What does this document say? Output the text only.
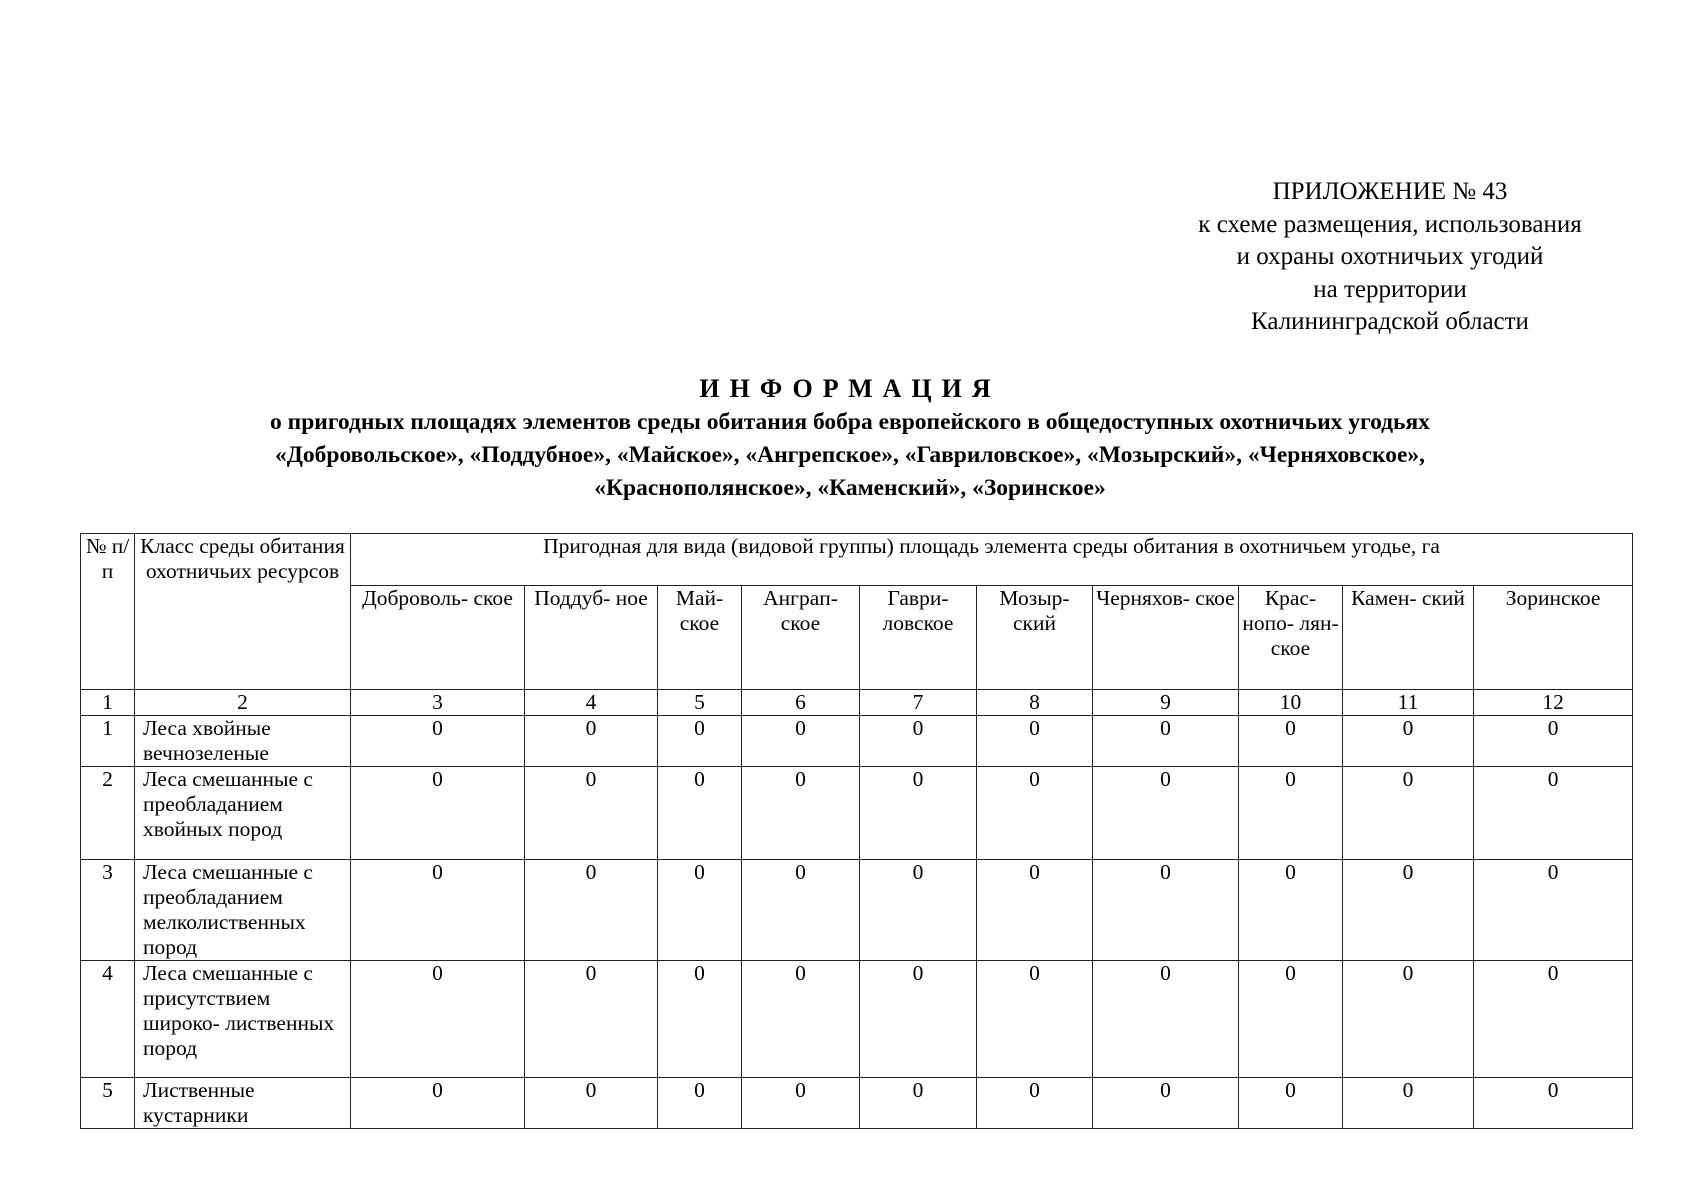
ПРИЛОЖЕНИЕ № 43
к схеме размещения, использования
и охраны охотничьих угодий
на территории
Калининградской области
ИНФОРМАЦИЯ
о пригодных площадях элементов среды обитания бобра европейского в общедоступных охотничьих угодьях
«Добровольское», «Поддубное», «Майское», «Ангрепское», «Гавриловское», «Мозырский», «Черняховское»,
«Краснополянское», «Каменский», «Зоринское»
№ п/п	Класс среды обитания охотничьих ресурсов	Пригодная для вида (видовой группы) площадь элемента среды обитания в охотничьем угодье, га									
		Доброволь- ское	Поддуб- ное	Май- ское	Ангрaп- ское	Гаври- ловское	Мозыр- ский	Черняхов- ское	Крас- нопо- лян- ское	Камен- ский	Зоринское
1	2	3	4	5	6	7	8	9	10	11	12
1	Леса хвойные вечнозеленые	0	0	0	0	0	0	0	0	0	0
2	Леса смешанные с преобладанием хвойных пород	0	0	0	0	0	0	0	0	0	0
3	Леса смешанные с преобладанием мелколиственных пород	0	0	0	0	0	0	0	0	0	0
4	Леса смешанные с присутствием широко- лиственных пород	0	0	0	0	0	0	0	0	0	0
5	Лиственные кустарники	0	0	0	0	0	0	0	0	0	0
